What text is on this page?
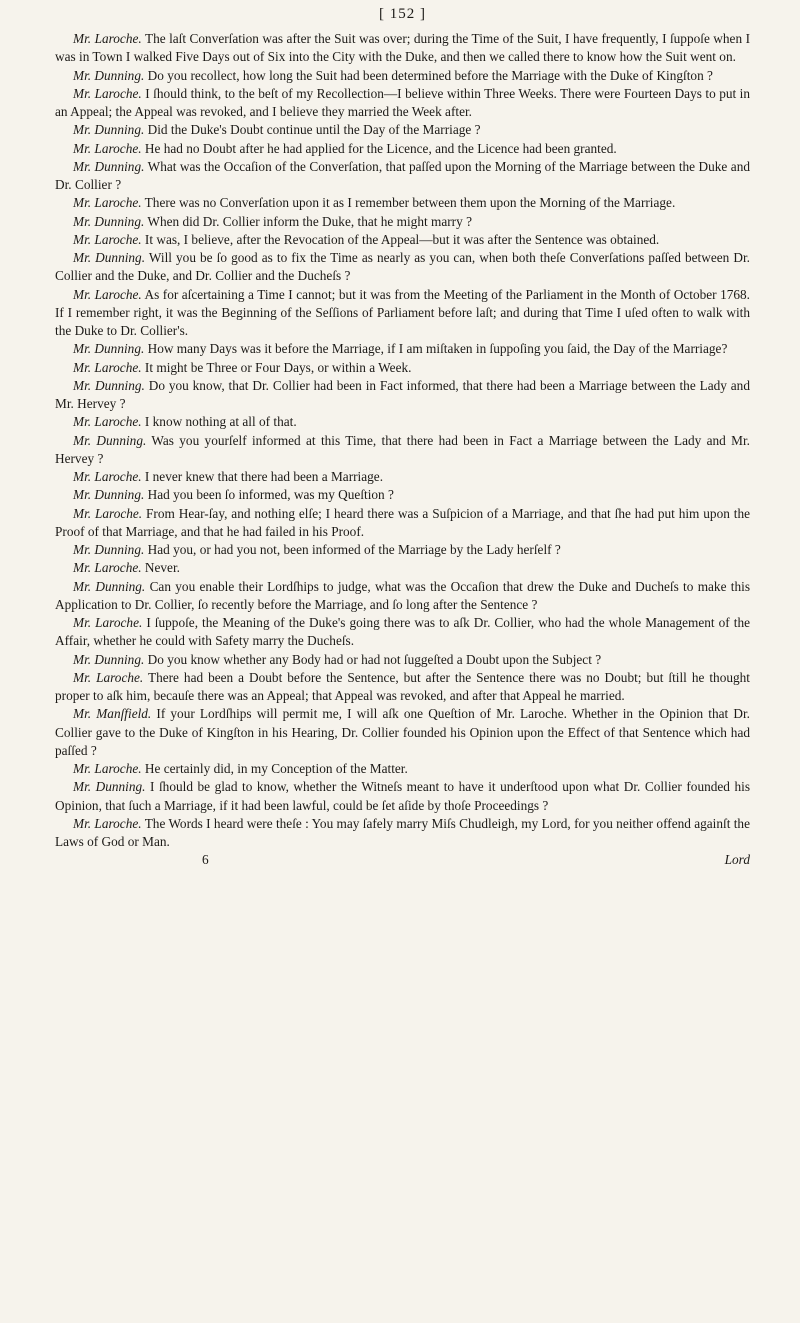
[ 152 ]

Mr. Laroche. The laſt Converſation was after the Suit was over; during the Time of the Suit, I have frequently, I ſuppoſe when I was in Town I walked Five Days out of Six into the City with the Duke, and then we called there to know how the Suit went on.

Mr. Dunning. Do you recollect, how long the Suit had been determined before the Marriage with the Duke of Kingſton ?

Mr. Laroche. I ſhould think, to the beſt of my Recollection—I believe within Three Weeks. There were Fourteen Days to put in an Appeal; the Appeal was revoked, and I believe they married the Week after.

Mr. Dunning. Did the Duke's Doubt continue until the Day of the Marriage ?

Mr. Laroche. He had no Doubt after he had applied for the Licence, and the Licence had been granted.

Mr. Dunning. What was the Occaſion of the Converſation, that paſſed upon the Morning of the Marriage between the Duke and Dr. Collier ?

Mr. Laroche. There was no Converſation upon it as I remember between them upon the Morning of the Marriage.

Mr. Dunning. When did Dr. Collier inform the Duke, that he might marry ?

Mr. Laroche. It was, I believe, after the Revocation of the Appeal—but it was after the Sentence was obtained.

Mr. Dunning. Will you be ſo good as to fix the Time as nearly as you can, when both theſe Converſations paſſed between Dr. Collier and the Duke, and Dr. Collier and the Ducheſs ?

Mr. Laroche. As for aſcertaining a Time I cannot; but it was from the Meeting of the Parliament in the Month of October 1768. If I remember right, it was the Beginning of the Seſſions of Parliament before laſt; and during that Time I uſed often to walk with the Duke to Dr. Collier's.

Mr. Dunning. How many Days was it before the Marriage, if I am miſtaken in ſuppoſing you ſaid, the Day of the Marriage?

Mr. Laroche. It might be Three or Four Days, or within a Week.

Mr. Dunning. Do you know, that Dr. Collier had been in Fact informed, that there had been a Marriage between the Lady and Mr. Hervey ?

Mr. Laroche. I know nothing at all of that.

Mr. Dunning. Was you yourſelf informed at this Time, that there had been in Fact a Marriage between the Lady and Mr. Hervey ?

Mr. Laroche. I never knew that there had been a Marriage.

Mr. Dunning. Had you been ſo informed, was my Queſtion ?

Mr. Laroche. From Hear-ſay, and nothing elſe; I heard there was a Suſpicion of a Marriage, and that ſhe had put him upon the Proof of that Marriage, and that he had failed in his Proof.

Mr. Dunning. Had you, or had you not, been informed of the Marriage by the Lady herſelf ?

Mr. Laroche. Never.

Mr. Dunning. Can you enable their Lordſhips to judge, what was the Occaſion that drew the Duke and Ducheſs to make this Application to Dr. Collier, ſo recently before the Marriage, and ſo long after the Sentence ?

Mr. Laroche. I ſuppoſe, the Meaning of the Duke's going there was to aſk Dr. Collier, who had the whole Management of the Affair, whether he could with Safety marry the Ducheſs.

Mr. Dunning. Do you know whether any Body had or had not ſuggeſted a Doubt upon the Subject ?

Mr. Laroche. There had been a Doubt before the Sentence, but after the Sentence there was no Doubt; but ſtill he thought proper to aſk him, becauſe there was an Appeal; that Appeal was revoked, and after that Appeal he married.

Mr. Manſfield. If your Lordſhips will permit me, I will aſk one Queſtion of Mr. Laroche. Whether in the Opinion that Dr. Collier gave to the Duke of Kingſton in his Hearing, Dr. Collier founded his Opinion upon the Effect of that Sentence which had paſſed ?

Mr. Laroche. He certainly did, in my Conception of the Matter.

Mr. Dunning. I ſhould be glad to know, whether the Witneſs meant to have it underſtood upon what Dr. Collier founded his Opinion, that ſuch a Marriage, if it had been lawful, could be ſet aſide by thoſe Proceedings ?

Mr. Laroche. The Words I heard were theſe : You may ſafely marry Miſs Chudleigh, my Lord, for you neither offend againſt the Laws of God or Man.

6	Lord
